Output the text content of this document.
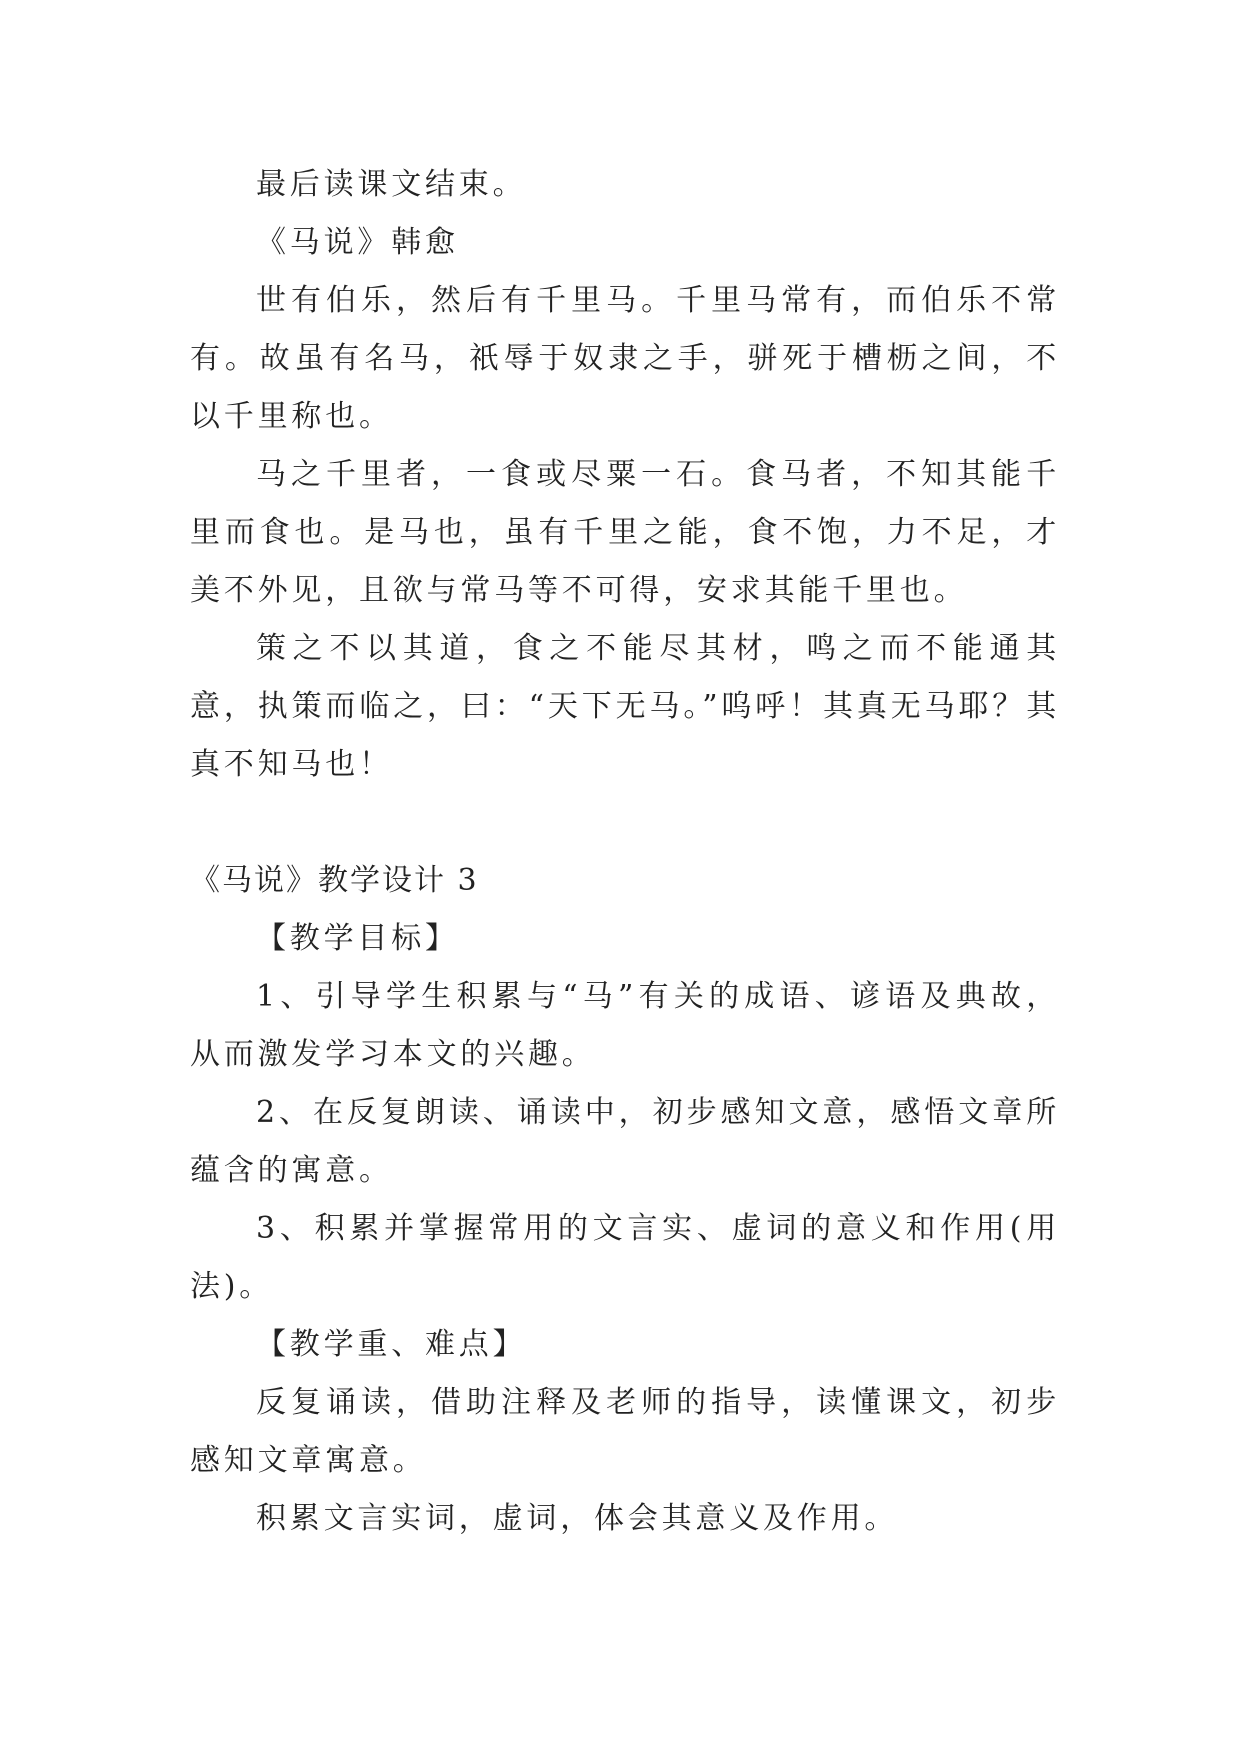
最后读课文结束。

《马说》韩愈

世有伯乐，然后有千里马。千里马常有，而伯乐不常有。故虽有名马，祇辱于奴隶之手，骈死于槽枥之间，不以千里称也。

马之千里者，一食或尽粟一石。食马者，不知其能千里而食也。是马也，虽有千里之能，食不饱，力不足，才美不外见，且欲与常马等不可得，安求其能千里也。

策之不以其道，食之不能尽其材，鸣之而不能通其意，执策而临之，曰：“天下无马。”呜呼！其真无马耶？其真不知马也！

《马说》教学设计 3

【教学目标】

1、引导学生积累与“马”有关的成语、谚语及典故，从而激发学习本文的兴趣。

2、在反复朗读、诵读中，初步感知文意，感悟文章所蕴含的寓意。

3、积累并掌握常用的文言实、虚词的意义和作用(用法)。

【教学重、难点】

反复诵读，借助注释及老师的指导，读懂课文，初步感知文章寓意。

积累文言实词，虚词，体会其意义及作用。
